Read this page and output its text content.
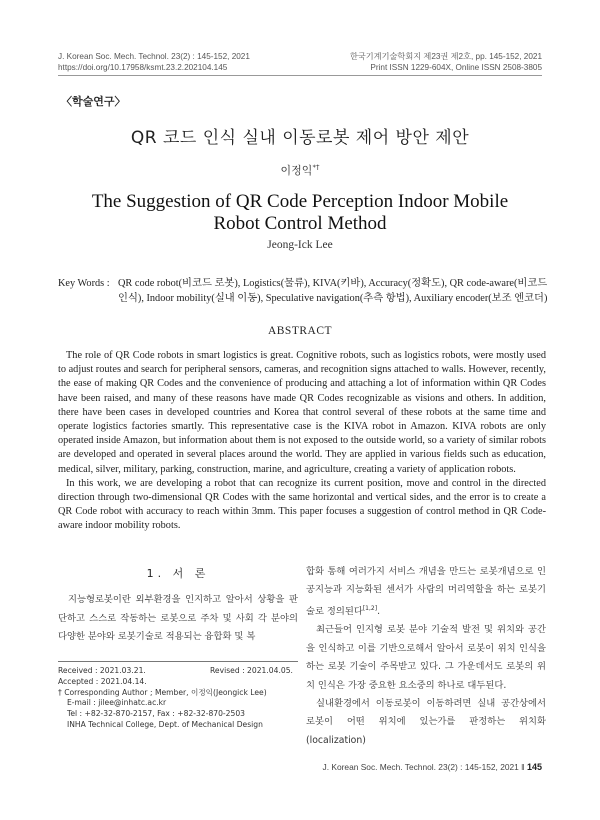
J. Korean Soc. Mech. Technol. 23(2) : 145-152, 2021
https://doi.org/10.17958/ksmt.23.2.202104.145
한국기계기술학회지 제23권 제2호, pp. 145-152, 2021
Print ISSN 1229-604X, Online ISSN 2508-3805
〈학술연구〉
QR 코드 인식 실내 이동로봇 제어 방안 제안
이정익*†
The Suggestion of QR Code Perception Indoor Mobile
Robot Control Method
Jeong-Ick Lee
Key Words : QR code robot(비코드 로봇), Logistics(물류), KIVA(키바), Accuracy(정확도), QR code-aware(비코드 인식), Indoor mobility(실내 이동), Speculative navigation(추측 항법), Auxiliary encoder(보조 엔코더)
ABSTRACT

The role of QR Code robots in smart logistics is great. Cognitive robots, such as logistics robots, were mostly used to adjust routes and search for peripheral sensors, cameras, and recognition signs attached to walls. However, recently, the ease of making QR Codes and the convenience of producing and attaching a lot of information within QR Codes have been raised, and many of these reasons have made QR Codes recognizable as visions and others. In addition, there have been cases in developed countries and Korea that control several of these robots at the same time and operate logistics factories smartly. This representative case is the KIVA robot in Amazon. KIVA robots are only operated inside Amazon, but information about them is not exposed to the outside world, so a variety of similar robots are developed and operated in several places around the world. They are applied in various fields such as education, medical, silver, military, parking, construction, marine, and agriculture, creating a variety of application robots.

In this work, we are developing a robot that can recognize its current position, move and control in the directed direction through two-dimensional QR Codes with the same horizontal and vertical sides, and the error is to create a QR Code robot with accuracy to reach within 3mm. This paper focuses a suggestion of control method in QR Code-aware indoor mobility robots.

1. 서 론

지능형로봇이란 외부환경을 인지하고 알아서 상황을 판단하고 스스로 작동하는 로봇으로 주차 및 사회 각 분야의 다양한 분야와 로봇기술로 적용되는 융합화 및 복

합화 통해 여러가지 서비스 개념을 만드는 로봇개념으로 인공지능과 지능화된 센서가 사람의 머리역할을 하는 로봇기술로 정의된다[1,2].

최근들어 인지형 로봇 분야 기술적 발전 및 위치와 공간을 인식하고 이를 기반으로해서 알아서 로봇이 위치 인식을 하는 로봇 기술이 주목받고 있다. 그 가운데서도 로봇의 위치 인식은 가장 중요한 요소중의 하나로 대두된다.

실내환경에서 이동로봇이 이동하려면 실내 공간상에서 로봇이 어떤 위치에 있는가를 판정하는 위치화(localization)

Received : 2021.03.21.	Revised : 2021.04.05.
Accepted : 2021.04.14.
† Corresponding Author ; Member, 이정익(Jeongick Lee)
E-mail : jilee@inhatc.ac.kr
Tel : +82-32-870-2157, Fax : +82-32-870-2503
INHA Technical College, Dept. of Mechanical Design
J. Korean Soc. Mech. Technol. 23(2) : 145-152, 2021 ‖ 145
